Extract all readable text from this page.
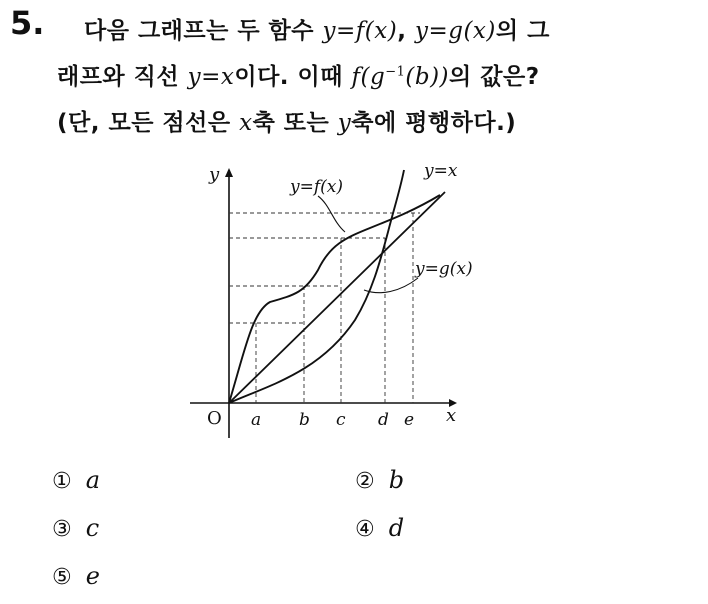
5. 다음 그래프는 두 함수 y=f(x), y=g(x)의 그
래프와 직선 y=x이다. 이때 $f(g^{-1}(b))$의 값은?
(단, 모든 점선은 x축 또는 y축에 평행하다.)
y=f(x)
y=g(x)
y=x
y
x
O a b c d e
① a	② b
③ c	④ d
⑤ e
